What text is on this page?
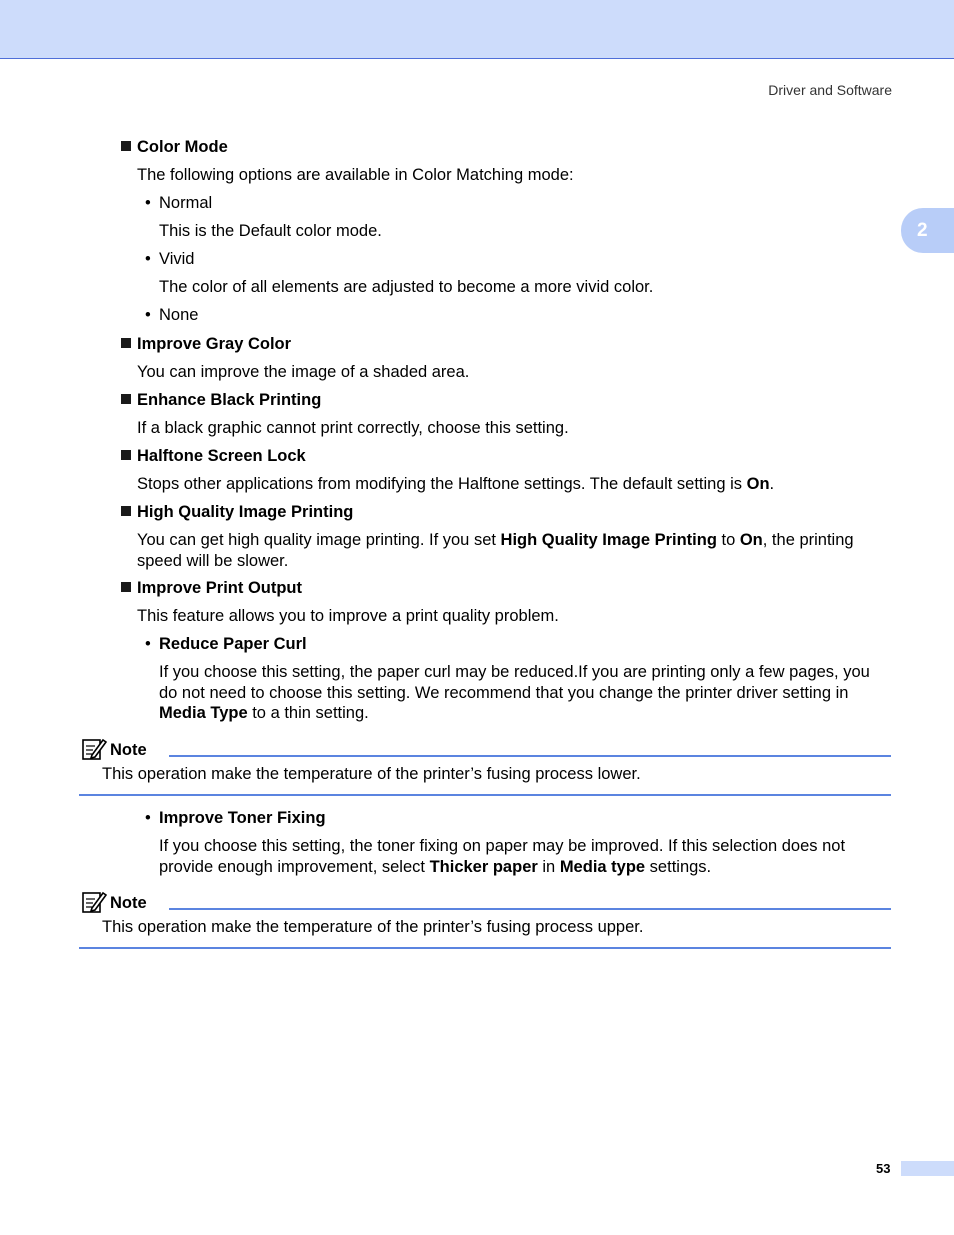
Driver and Software
2
Color Mode
The following options are available in Color Matching mode:
• Normal
This is the Default color mode.
• Vivid
The color of all elements are adjusted to become a more vivid color.
• None
Improve Gray Color
You can improve the image of a shaded area.
Enhance Black Printing
If a black graphic cannot print correctly, choose this setting.
Halftone Screen Lock
Stops other applications from modifying the Halftone settings. The default setting is On.
High Quality Image Printing
You can get high quality image printing. If you set High Quality Image Printing to On, the printing speed will be slower.
Improve Print Output
This feature allows you to improve a print quality problem.
• Reduce Paper Curl
If you choose this setting, the paper curl may be reduced.If you are printing only a few pages, you do not need to choose this setting. We recommend that you change the printer driver setting in Media Type to a thin setting.
Note
This operation make the temperature of the printer’s fusing process lower.
• Improve Toner Fixing
If you choose this setting, the toner fixing on paper may be improved. If this selection does not provide enough improvement, select Thicker paper in Media type settings.
Note
This operation make the temperature of the printer’s fusing process upper.
53
